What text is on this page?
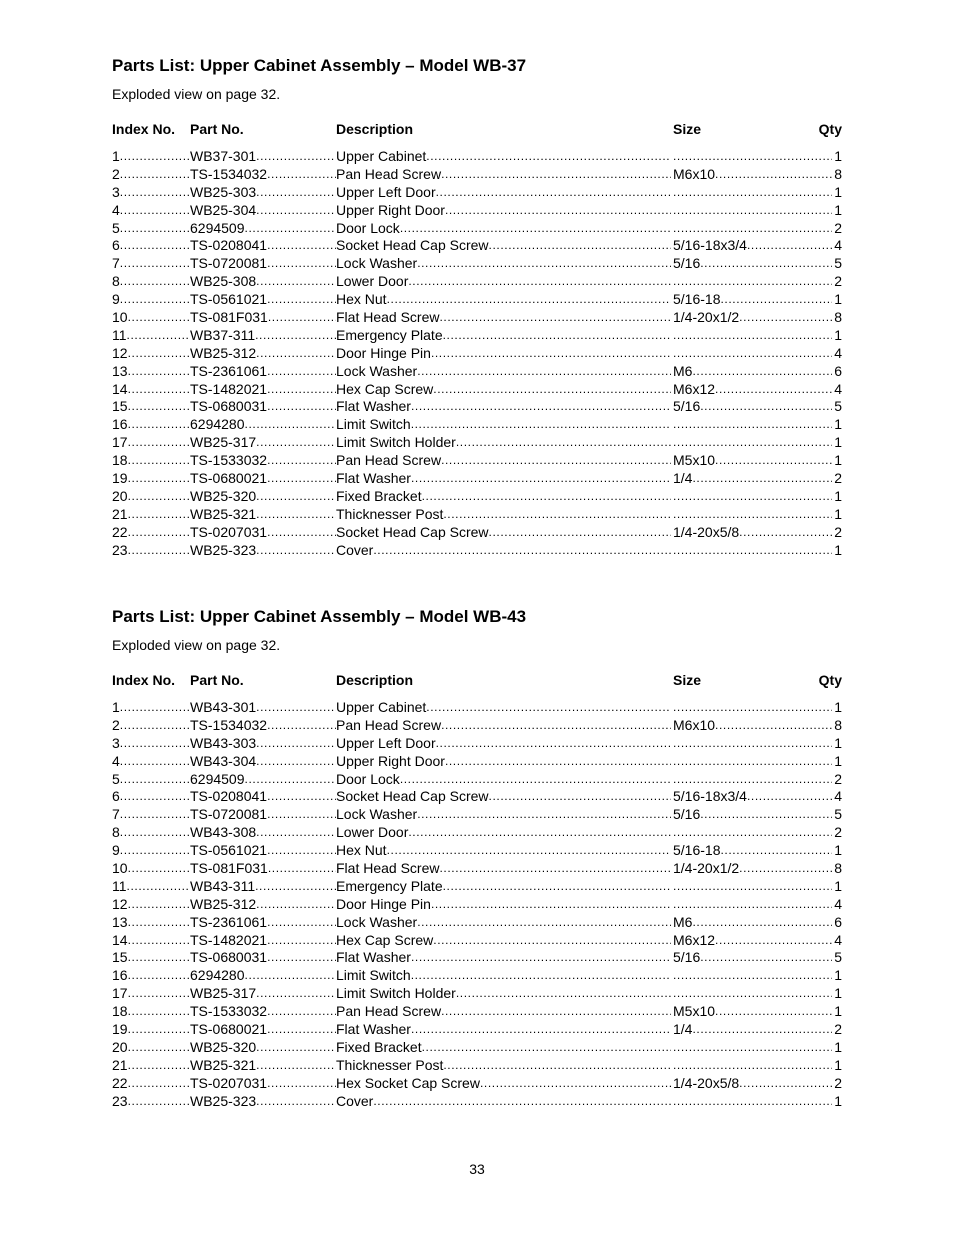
Parts List: Upper Cabinet Assembly – Model WB-37
Exploded view on page 32.
Index No. Part No.	Description	Size	Qty
1 .....	WB37-301 .....	Upper Cabinet ..... .....	1
2 .....	TS-1534032 .....	Pan Head Screw .....	M6x10 .....	8
3 .....	WB25-303 .....	Upper Left Door ..... .....	1
4 .....	WB25-304 .....	Upper Right Door ..... .....	1
5 .....	6294509 .....	Door Lock ..... .....	2
6 .....	TS-0208041 .....	Socket Head Cap Screw .....	5/16-18x3/4 .....	4
7 .....	TS-0720081 .....	Lock Washer .....	5/16 .....	5
8 .....	WB25-308 .....	Lower Door ..... .....	2
9 .....	TS-0561021 .....	Hex Nut .....	5/16-18 .....	1
10 .....	TS-081F031 .....	Flat Head Screw .....	1/4-20x1/2 .....	8
11 .....	WB37-311 .....	Emergency Plate ..... .....	1
12 .....	WB25-312 .....	Door Hinge Pin ..... .....	4
13 .....	TS-2361061 .....	Lock Washer .....	M6 .....	6
14 .....	TS-1482021 .....	Hex Cap Screw .....	M6x12 .....	4
15 .....	TS-0680031 .....	Flat Washer .....	5/16 .....	5
16 .....	6294280 .....	Limit Switch ..... .....	1
17 .....	WB25-317 .....	Limit Switch Holder ..... .....	1
18 .....	TS-1533032 .....	Pan Head Screw .....	M5x10 .....	1
19 .....	TS-0680021 .....	Flat Washer .....	1/4 .....	2
20 .....	WB25-320 .....	Fixed Bracket ..... .....	1
21 .....	WB25-321 .....	Thicknesser Post ..... .....	1
22 .....	TS-0207031 .....	Socket Head Cap Screw .....	1/4-20x5/8 .....	2
23 .....	WB25-323 .....	Cover ..... .....	1
Parts List: Upper Cabinet Assembly – Model WB-43
Exploded view on page 32.
Index No. Part No.	Description	Size	Qty
1 .....	WB43-301 .....	Upper Cabinet ..... .....	1
2 .....	TS-1534032 .....	Pan Head Screw .....	M6x10 .....	8
3 .....	WB43-303 .....	Upper Left Door ..... .....	1
4 .....	WB43-304 .....	Upper Right Door ..... .....	1
5 .....	6294509 .....	Door Lock ..... .....	2
6 .....	TS-0208041 .....	Socket Head Cap Screw .....	5/16-18x3/4 .....	4
7 .....	TS-0720081 .....	Lock Washer .....	5/16 .....	5
8 .....	WB43-308 .....	Lower Door ..... .....	2
9 .....	TS-0561021 .....	Hex Nut .....	5/16-18 .....	1
10 .....	TS-081F031 .....	Flat Head Screw .....	1/4-20x1/2 .....	8
11 .....	WB43-311 .....	Emergency Plate ..... .....	1
12 .....	WB25-312 .....	Door Hinge Pin ..... .....	4
13 .....	TS-2361061 .....	Lock Washer .....	M6 .....	6
14 .....	TS-1482021 .....	Hex Cap Screw .....	M6x12 .....	4
15 .....	TS-0680031 .....	Flat Washer .....	5/16 .....	5
16 .....	6294280 .....	Limit Switch ..... .....	1
17 .....	WB25-317 .....	Limit Switch Holder ..... .....	1
18 .....	TS-1533032 .....	Pan Head Screw .....	M5x10 .....	1
19 .....	TS-0680021 .....	Flat Washer .....	1/4 .....	2
20 .....	WB25-320 .....	Fixed Bracket ..... .....	1
21 .....	WB25-321 .....	Thicknesser Post ..... .....	1
22 .....	TS-0207031 .....	Hex Socket Cap Screw .....	1/4-20x5/8 .....	2
23 .....	WB25-323 .....	Cover ..... .....	1
33
